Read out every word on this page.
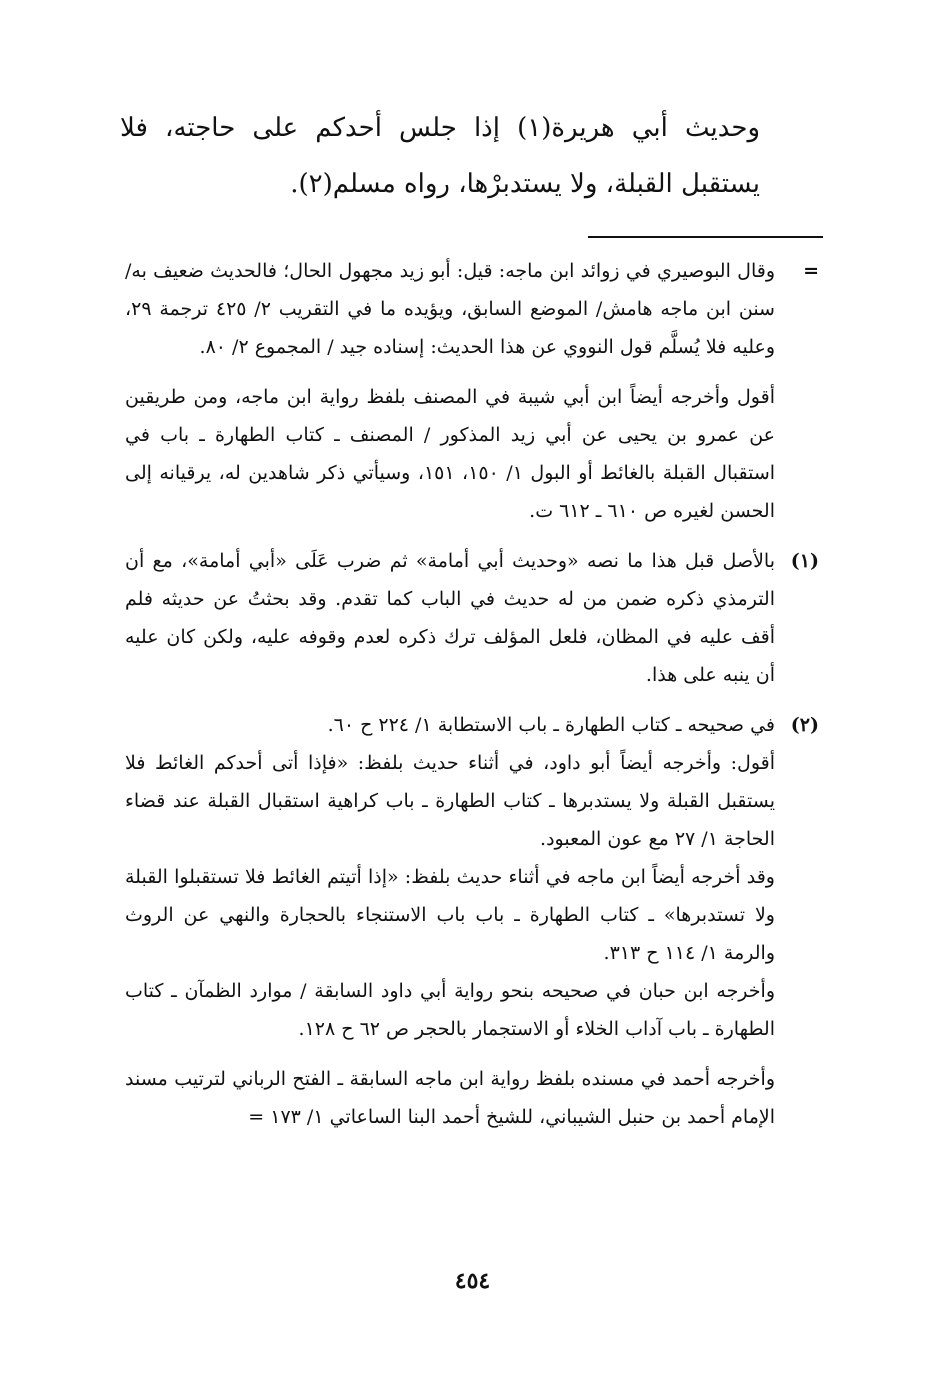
وحديث أبي هريرة(١) إذا جلس أحدكم على حاجته، فلا يستقبل القبلة، ولا يستدبرْها، رواه مسلم(٢).

=

وقال البوصيري في زوائد ابن ماجه: قيل: أبو زيد مجهول الحال؛ فالحديث ضعيف به/ سنن ابن ماجه هامش/ الموضع السابق، ويؤيده ما في التقريب ٢/ ٤٢٥ ترجمة ٢٩، وعليه فلا يُسلَّم قول النووي عن هذا الحديث: إسناده جيد / المجموع ٢/ ٨٠.

أقول وأخرجه أيضاً ابن أبي شيبة في المصنف بلفظ رواية ابن ماجه، ومن طريقين عن عمرو بن يحيى عن أبي زيد المذكور / المصنف ـ كتاب الطهارة ـ باب في استقبال القبلة بالغائط أو البول ١/ ١٥٠، ١٥١، وسيأتي ذكر شاهدين له، يرقيانه إلى الحسن لغيره ص ٦١٠ ـ ٦١٢ ت.

(١)

بالأصل قبل هذا ما نصه «وحديث أبي أمامة» ثم ضرب عَلَى «أبي أمامة»، مع أن الترمذي ذكره ضمن من له حديث في الباب كما تقدم. وقد بحثتُ عن حديثه فلم أقف عليه في المظان، فلعل المؤلف ترك ذكره لعدم وقوفه عليه، ولكن كان عليه أن ينبه على هذا.

(٢)

في صحيحه ـ كتاب الطهارة ـ باب الاستطابة ١/ ٢٢٤ ح ٦٠.

أقول: وأخرجه أيضاً أبو داود، في أثناء حديث بلفظ: «فإذا أتى أحدكم الغائط فلا يستقبل القبلة ولا يستدبرها ـ كتاب الطهارة ـ باب كراهية استقبال القبلة عند قضاء الحاجة ١/ ٢٧ مع عون المعبود.

وقد أخرجه أيضاً ابن ماجه في أثناء حديث بلفظ: «إذا أتيتم الغائط فلا تستقبلوا القبلة ولا تستدبرها» ـ كتاب الطهارة ـ باب باب الاستنجاء بالحجارة والنهي عن الروث والرمة ١/ ١١٤ ح ٣١٣.

وأخرجه ابن حبان في صحيحه بنحو رواية أبي داود السابقة / موارد الظمآن ـ كتاب الطهارة ـ باب آداب الخلاء أو الاستجمار بالحجر ص ٦٢ ح ١٢٨.

وأخرجه أحمد في مسنده بلفظ رواية ابن ماجه السابقة ـ الفتح الرباني لترتيب مسند الإمام أحمد بن حنبل الشيباني، للشيخ أحمد البنا الساعاتي ١/ ١٧٣ =

٤٥٤
